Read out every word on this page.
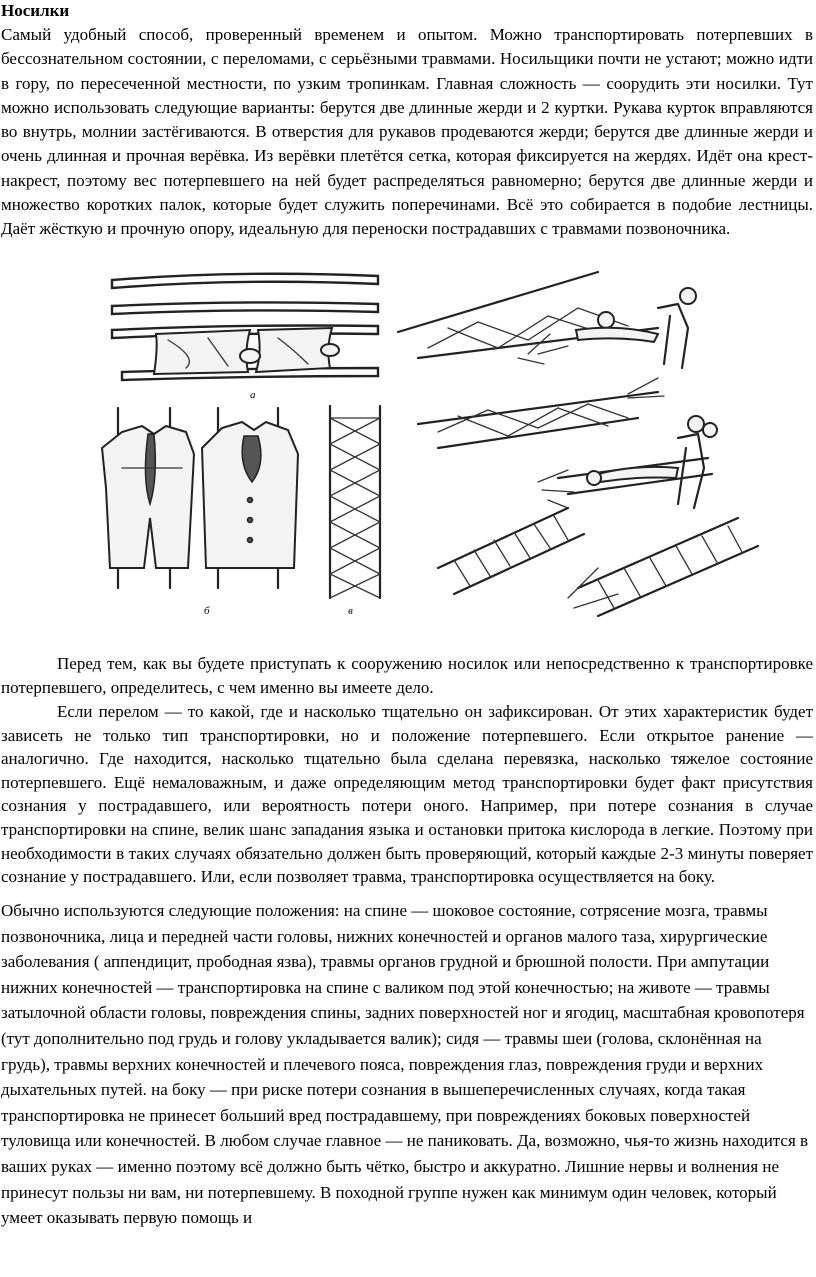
Носилки

Самый удобный способ, проверенный временем и опытом. Можно транспортировать потерпевших в бессознательном состоянии, с переломами, с серьёзными травмами. Носильщики почти не устают; можно идти в гору, по пересеченной местности, по узким тропинкам. Главная сложность — соорудить эти носилки. Тут можно использовать следующие варианты: берутся две длинные жерди и 2 куртки. Рукава курток вправляются во внутрь, молнии застёгиваются. В отверстия для рукавов продеваются жерди; берутся две длинные жерди и очень длинная и прочная верёвка. Из верёвки плетётся сетка, которая фиксируется на жердях. Идёт она крест-накрест, поэтому вес потерпевшего на ней будет распределяться равномерно; берутся две длинные жерди и множество коротких палок, которые будет служить поперечинами. Всё это собирается в подобие лестницы. Даёт жёсткую и прочную опору, идеальную для переноски пострадавших с травмами позвоночника.

а
б	в

Перед тем, как вы будете приступать к сооружению носилок или непосредственно к транспортировке потерпевшего, определитесь, с чем именно вы имеете дело.

Если перелом — то какой, где и насколько тщательно он зафиксирован. От этих характеристик будет зависеть не только тип транспортировки, но и положение потерпевшего. Если открытое ранение — аналогично. Где находится, насколько тщательно была сделана перевязка, насколько тяжелое состояние потерпевшего. Ещё немаловажным, и даже определяющим метод транспортировки будет факт присутствия сознания у пострадавшего, или вероятность потери оного. Например, при потере сознания в случае транспортировки на спине, велик шанс западания языка и остановки притока кислорода в легкие. Поэтому при необходимости в таких случаях обязательно должен быть проверяющий, который каждые 2-3 минуты поверяет сознание у пострадавшего. Или, если позволяет травма, транспортировка осуществляется на боку.

Обычно используются следующие положения: на спине — шоковое состояние, сотрясение мозга, травмы позвоночника, лица и передней части головы, нижних конечностей и органов малого таза, хирургические заболевания ( аппендицит, прободная язва), травмы органов грудной и брюшной полости. При ампутации нижних конечностей — транспортировка на спине с валиком под этой конечностью; на животе — травмы затылочной области головы, повреждения спины, задних поверхностей ног и ягодиц, масштабная кровопотеря (тут дополнительно под грудь и голову укладывается валик); сидя — травмы шеи (голова, склонённая на грудь), травмы верхних конечностей и плечевого пояса, повреждения глаз, повреждения груди и верхних дыхательных путей. на боку — при риске потери сознания в вышеперечисленных случаях, когда такая транспортировка не принесет больший вред пострадавшему, при повреждениях боковых поверхностей туловища или конечностей. В любом случае главное — не паниковать. Да, возможно, чья-то жизнь находится в ваших руках — именно поэтому всё должно быть чётко, быстро и аккуратно. Лишние нервы и волнения не принесут пользы ни вам, ни потерпевшему. В походной группе нужен как минимум один человек, который умеет оказывать первую помощь и
